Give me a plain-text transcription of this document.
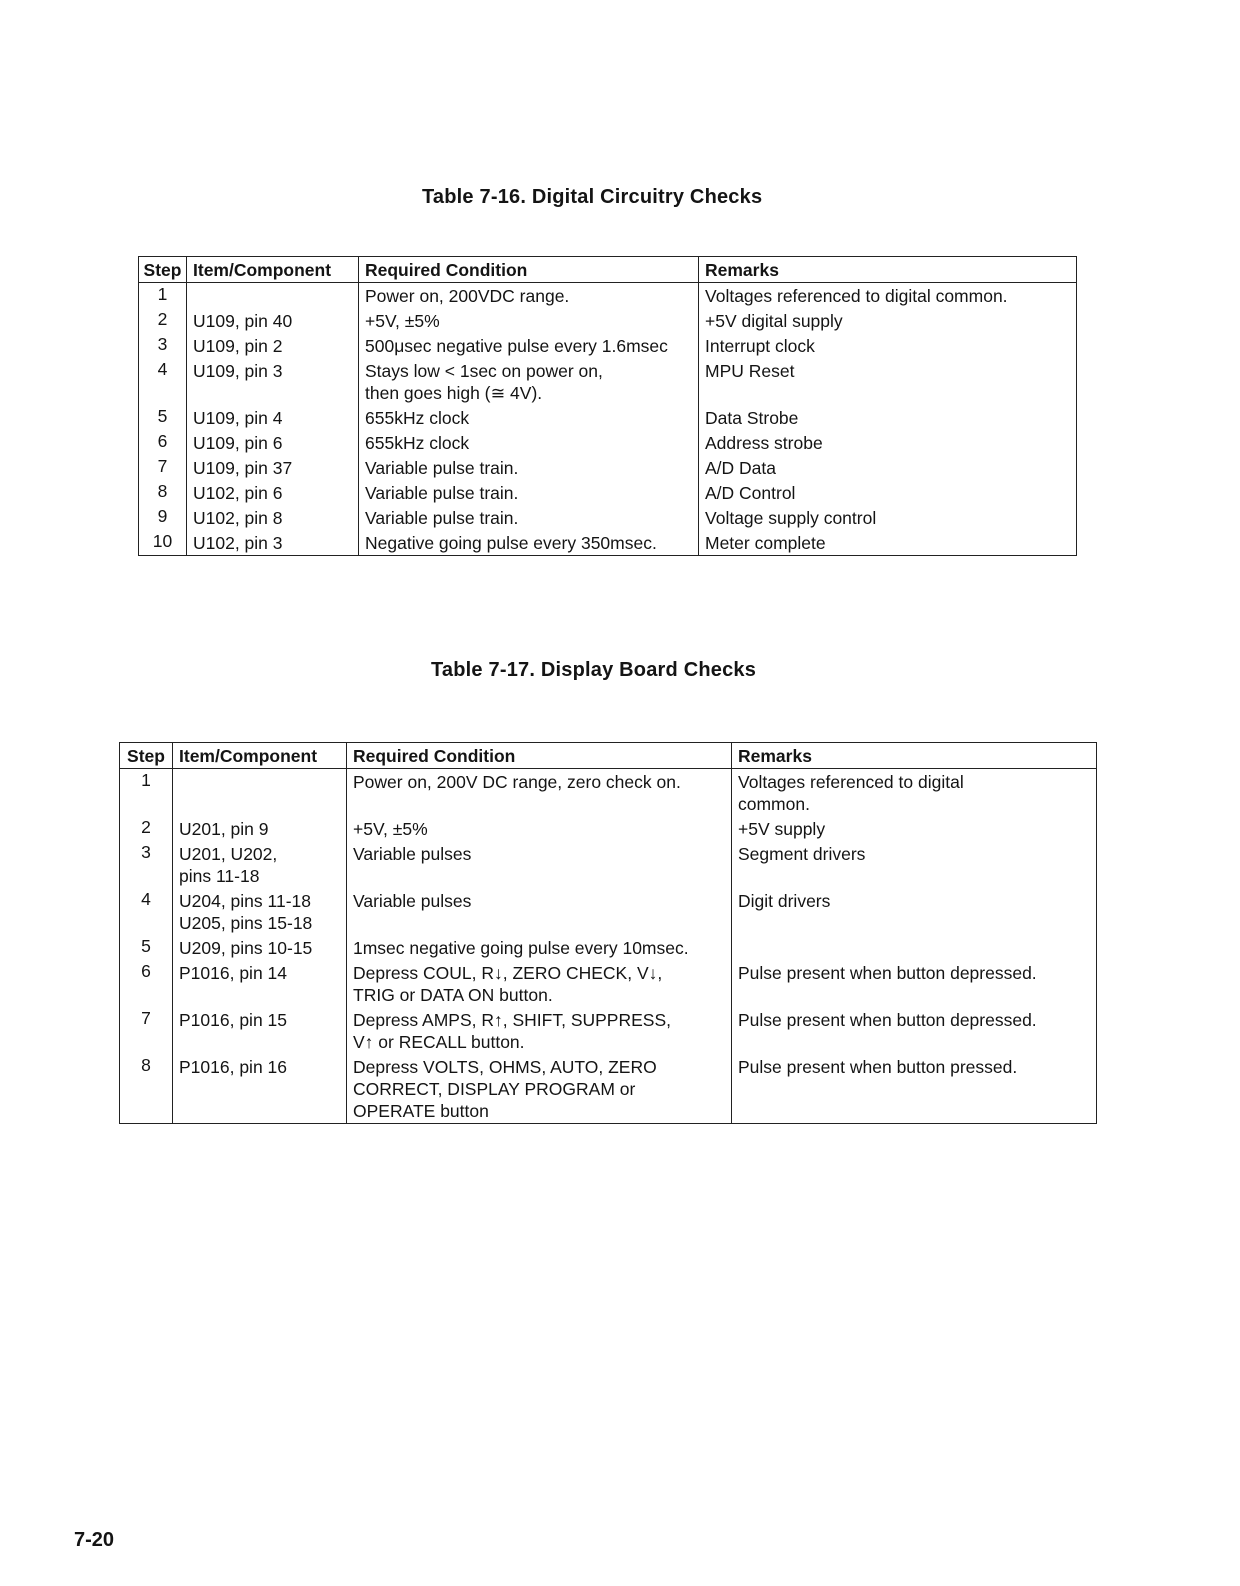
Table 7-16. Digital Circuitry Checks
Step	Item/Component	Required Condition	Remarks
1		Power on, 200VDC range.	Voltages referenced to digital common.

2	U109, pin 40	+5V, ±5%	+5V digital supply

3	U109, pin 2	500μsec negative pulse every 1.6msec	Interrupt clock

4	U109, pin 3	Stays low < 1sec on power on,
then goes high (≅ 4V).	MPU Reset

5	U109, pin 4	655kHz clock	Data Strobe

6	U109, pin 6	655kHz clock	Address strobe

7	U109, pin 37	Variable pulse train.	A/D Data

8	U102, pin 6	Variable pulse train.	A/D Control

9	U102, pin 8	Variable pulse train.	Voltage supply control

10	U102, pin 3	Negative going pulse every 350msec.	Meter complete
Table 7-17. Display Board Checks
Step	Item/Component	Required Condition	Remarks
1		Power on, 200V DC range, zero check on.	Voltages referenced to digital
common.

2	U201, pin 9	+5V, ±5%	+5V supply

3	U201, U202,
pins 11-18	Variable pulses	Segment drivers

4	U204, pins 11-18
U205, pins 15-18	Variable pulses	Digit drivers

5	U209, pins 10-15	1msec negative going pulse every 10msec.	

6	P1016, pin 14	Depress COUL, R↓, ZERO CHECK, V↓,
TRIG or DATA ON button.	Pulse present when button depressed.

7	P1016, pin 15	Depress AMPS, R↑, SHIFT, SUPPRESS,
V↑ or RECALL button.	Pulse present when button depressed.

8	P1016, pin 16	Depress VOLTS, OHMS, AUTO, ZERO
CORRECT, DISPLAY PROGRAM or
OPERATE button	Pulse present when button pressed.
7-20
